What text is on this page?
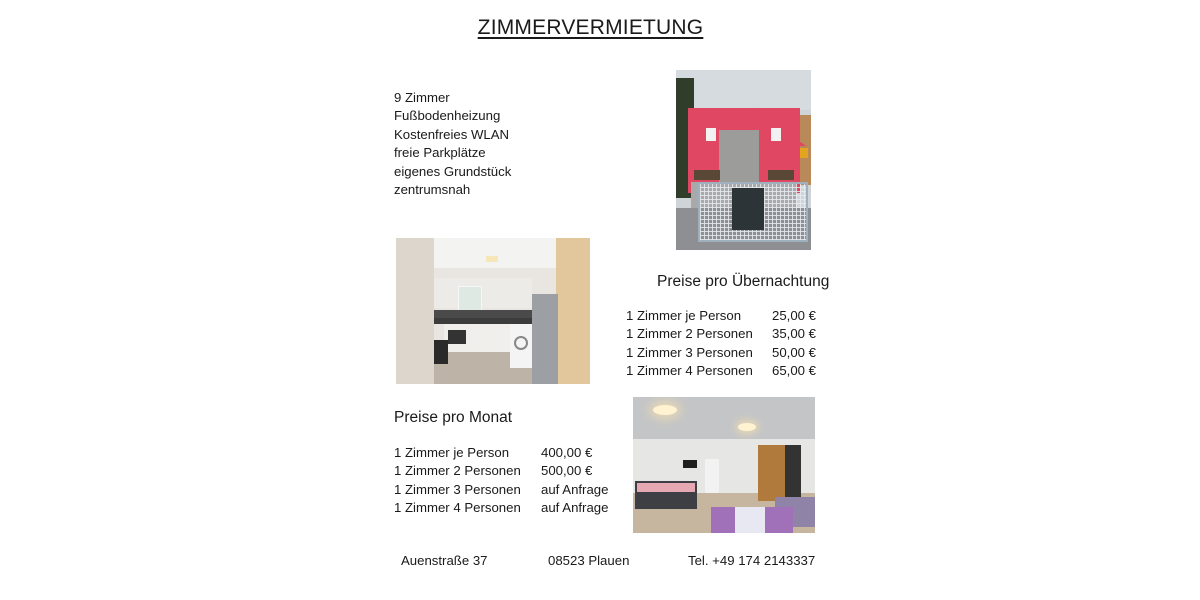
ZIMMERVERMIETUNG
9 Zimmer
Fußbodenheizung
Kostenfreies WLAN
freie Parkplätze
eigenes Grundstück
zentrumsnah
Preise pro Übernachtung
1 Zimmer je Person	25,00 €
1 Zimmer 2 Personen	35,00 €
1 Zimmer 3 Personen	50,00 €
1 Zimmer 4 Personen	65,00 €
Preise pro Monat
1 Zimmer je Person	400,00 €
1 Zimmer 2 Personen	500,00 €
1 Zimmer 3 Personen	auf Anfrage
1 Zimmer 4 Personen	auf Anfrage
Auenstraße 37	08523 Plauen	Tel. +49 174 2143337
